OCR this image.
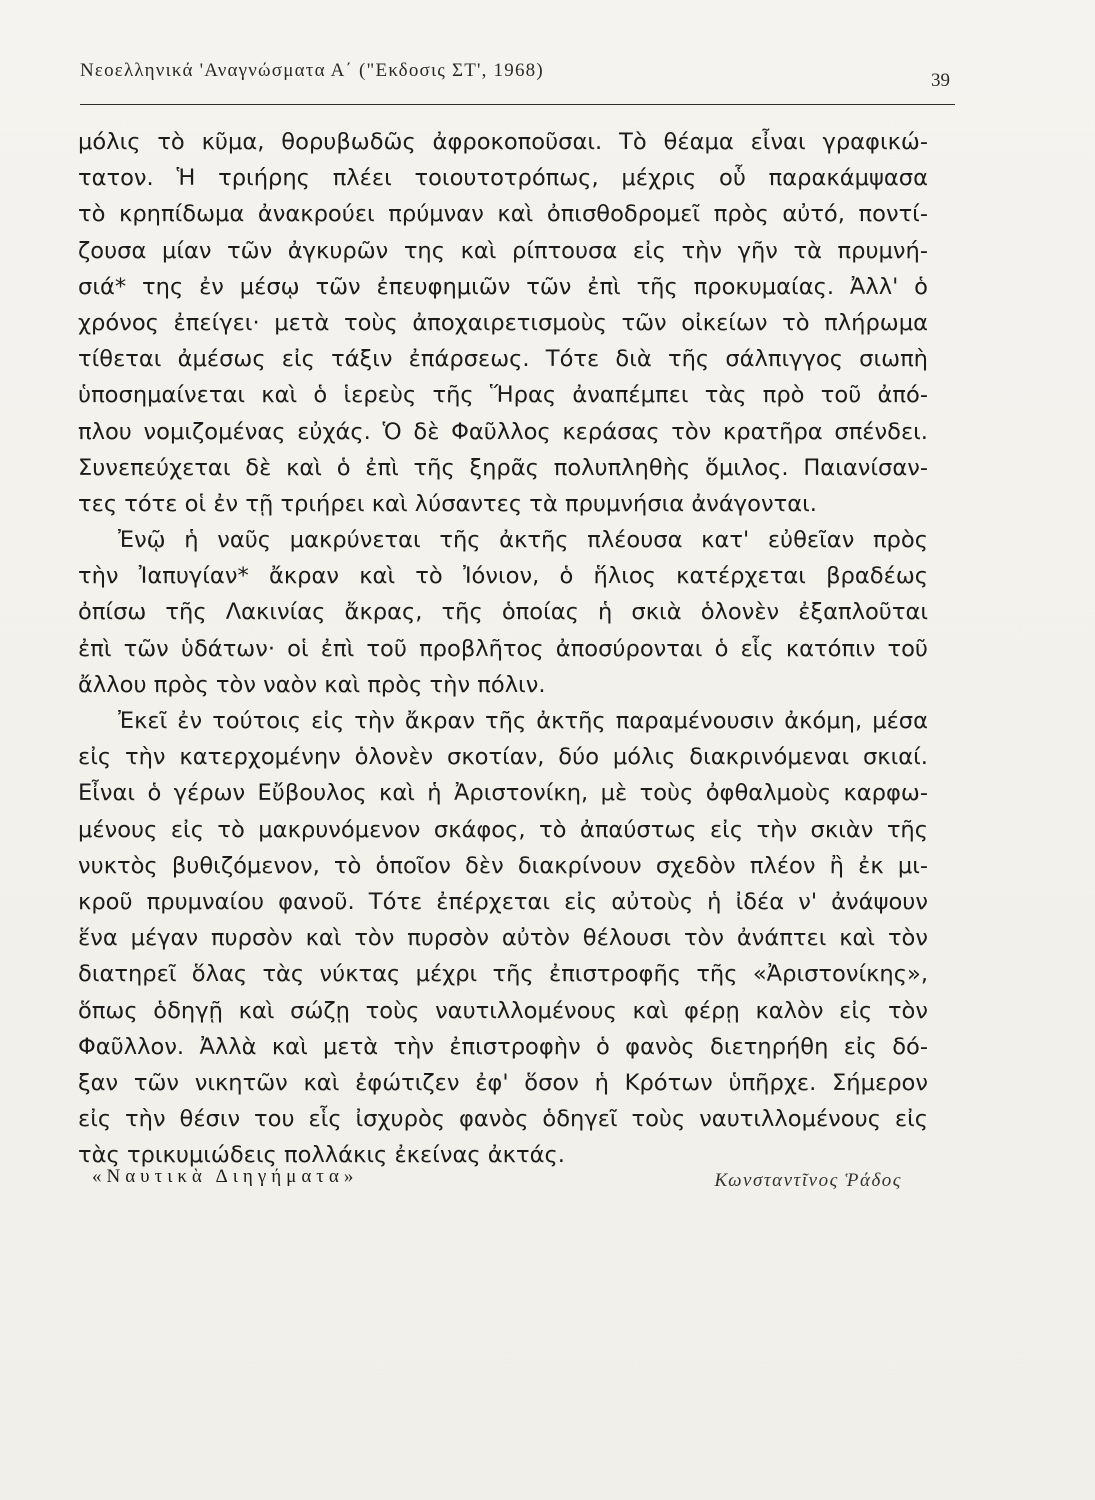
Νεοελληνικά 'Αναγνώσματα Α΄ ("Εκδοσις ΣΤ', 1968)	39
μόλις τὸ κῦμα, θορυβωδῶς ἀφροκοποῦσαι. Τὸ θέαμα εἶναι γραφικώ-
τατον. Ἡ τριήρης πλέει τοιουτοτρόπως, μέχρις οὗ παρακάμψασα
τὸ κρηπίδωμα ἀνακρούει πρύμναν καὶ ὀπισθοδρομεῖ πρὸς αὐτό, ποντί-
ζουσα μίαν τῶν ἀγκυρῶν της καὶ ρίπτουσα εἰς τὴν γῆν τὰ πρυμνή-
σιά* της ἐν μέσῳ τῶν ἐπευφημιῶν τῶν ἐπὶ τῆς προκυμαίας. Ἀλλ' ὁ
χρόνος ἐπείγει· μετὰ τοὺς ἀποχαιρετισμοὺς τῶν οἰκείων τὸ πλήρωμα
τίθεται ἀμέσως εἰς τάξιν ἐπάρσεως. Τότε διὰ τῆς σάλπιγγος σιωπὴ
ὑποσημαίνεται καὶ ὁ ἱερεὺς τῆς Ἥρας ἀναπέμπει τὰς πρὸ τοῦ ἀπό-
πλου νομιζομένας εὐχάς. Ὁ δὲ Φαῦλλος κεράσας τὸν κρατῆρα σπένδει.
Συνεπεύχεται δὲ καὶ ὁ ἐπὶ τῆς ξηρᾶς πολυπληθὴς ὅμιλος. Παιανίσαν-
τες τότε οἱ ἐν τῇ τριήρει καὶ λύσαντες τὰ πρυμνήσια ἀνάγονται.
Ἐνῷ ἡ ναῦς μακρύνεται τῆς ἀκτῆς πλέουσα κατ' εὐθεῖαν πρὸς
τὴν Ἰαπυγίαν* ἄκραν καὶ τὸ Ἰόνιον, ὁ ἥλιος κατέρχεται βραδέως
ὀπίσω τῆς Λακινίας ἄκρας, τῆς ὁποίας ἡ σκιὰ ὁλονὲν ἐξαπλοῦται
ἐπὶ τῶν ὑδάτων· οἱ ἐπὶ τοῦ προβλῆτος ἀποσύρονται ὁ εἷς κατόπιν τοῦ
ἄλλου πρὸς τὸν ναὸν καὶ πρὸς τὴν πόλιν.
Ἐκεῖ ἐν τούτοις εἰς τὴν ἄκραν τῆς ἀκτῆς παραμένουσιν ἀκόμη, μέσα
εἰς τὴν κατερχομένην ὁλονὲν σκοτίαν, δύο μόλις διακρινόμεναι σκιαί.
Εἶναι ὁ γέρων Εὔβουλος καὶ ἡ Ἀριστονίκη, μὲ τοὺς ὀφθαλμοὺς καρφω-
μένους εἰς τὸ μακρυνόμενον σκάφος, τὸ ἀπαύστως εἰς τὴν σκιὰν τῆς
νυκτὸς βυθιζόμενον, τὸ ὁποῖον δὲν διακρίνουν σχεδὸν πλέον ἢ ἐκ μι-
κροῦ πρυμναίου φανοῦ. Τότε ἐπέρχεται εἰς αὐτοὺς ἡ ἰδέα ν' ἀνάψουν
ἕνα μέγαν πυρσὸν καὶ τὸν πυρσὸν αὐτὸν θέλουσι τὸν ἀνάπτει καὶ τὸν
διατηρεῖ ὅλας τὰς νύκτας μέχρι τῆς ἐπιστροφῆς τῆς «Ἀριστονίκης»,
ὅπως ὁδηγῇ καὶ σώζῃ τοὺς ναυτιλλομένους καὶ φέρῃ καλὸν εἰς τὸν
Φαῦλλον. Ἀλλὰ καὶ μετὰ τὴν ἐπιστροφὴν ὁ φανὸς διετηρήθη εἰς δό-
ξαν τῶν νικητῶν καὶ ἐφώτιζεν ἐφ' ὅσον ἡ Κρότων ὑπῆρχε. Σήμερον
εἰς τὴν θέσιν του εἷς ἰσχυρὸς φανὸς ὁδηγεῖ τοὺς ναυτιλλομένους εἰς
τὰς τρικυμιώδεις πολλάκις ἐκείνας ἀκτάς.
«Ναυτικὰ Διηγήματα»	Κωνσταντῖνος Ῥάδος
